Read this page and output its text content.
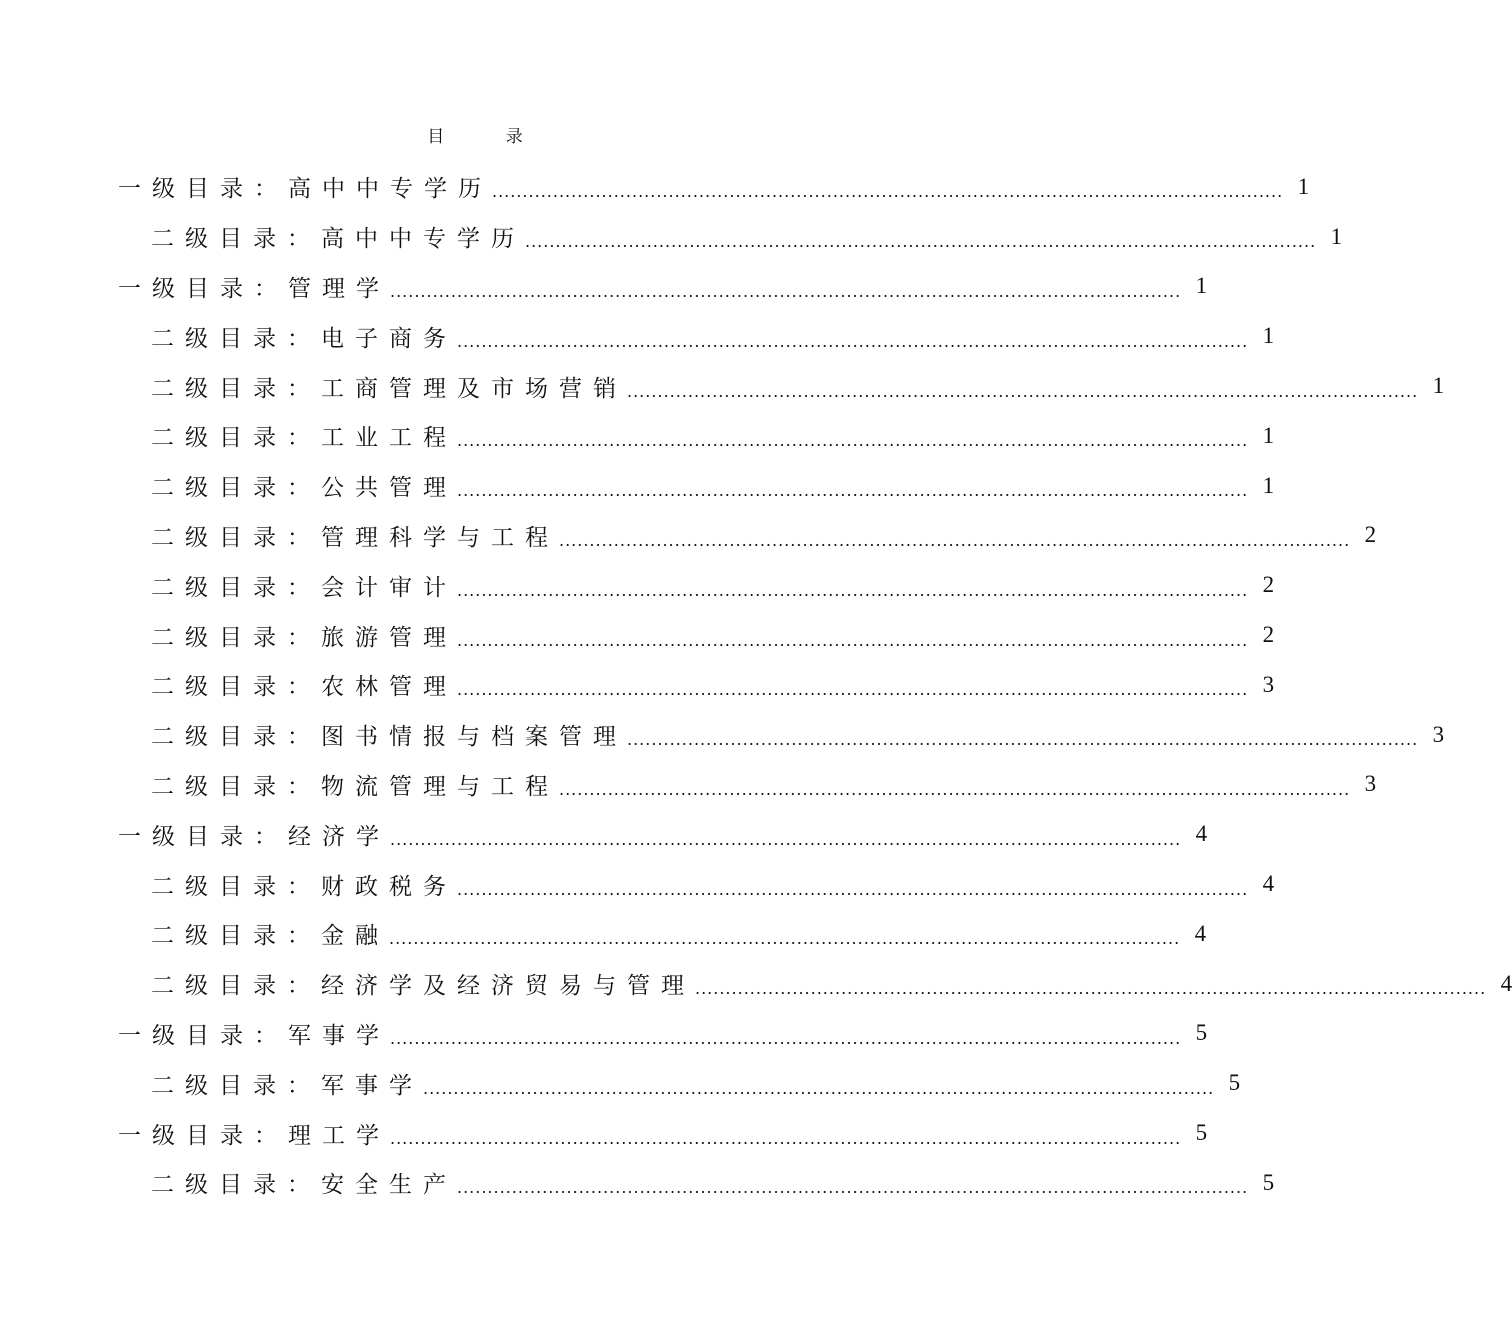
目 录
一级目录：高中中专学历 .................................................................................................................................. 1
二级目录：高中中专学历 .................................................................................................................................. 1
一级目录：管理学 .................................................................................................................................. 1
二级目录：电子商务 .................................................................................................................................. 1
二级目录：工商管理及市场营销 .................................................................................................................................. 1
二级目录：工业工程 .................................................................................................................................. 1
二级目录：公共管理 .................................................................................................................................. 1
二级目录：管理科学与工程 .................................................................................................................................. 2
二级目录：会计审计 .................................................................................................................................. 2
二级目录：旅游管理 .................................................................................................................................. 2
二级目录：农林管理 .................................................................................................................................. 3
二级目录：图书情报与档案管理 .................................................................................................................................. 3
二级目录：物流管理与工程 .................................................................................................................................. 3
一级目录：经济学 .................................................................................................................................. 4
二级目录：财政税务 .................................................................................................................................. 4
二级目录：金融 .................................................................................................................................. 4
二级目录：经济学及经济贸易与管理 .................................................................................................................................. 4
一级目录：军事学 .................................................................................................................................. 5
二级目录：军事学 .................................................................................................................................. 5
一级目录：理工学 .................................................................................................................................. 5
二级目录：安全生产 .................................................................................................................................. 5
